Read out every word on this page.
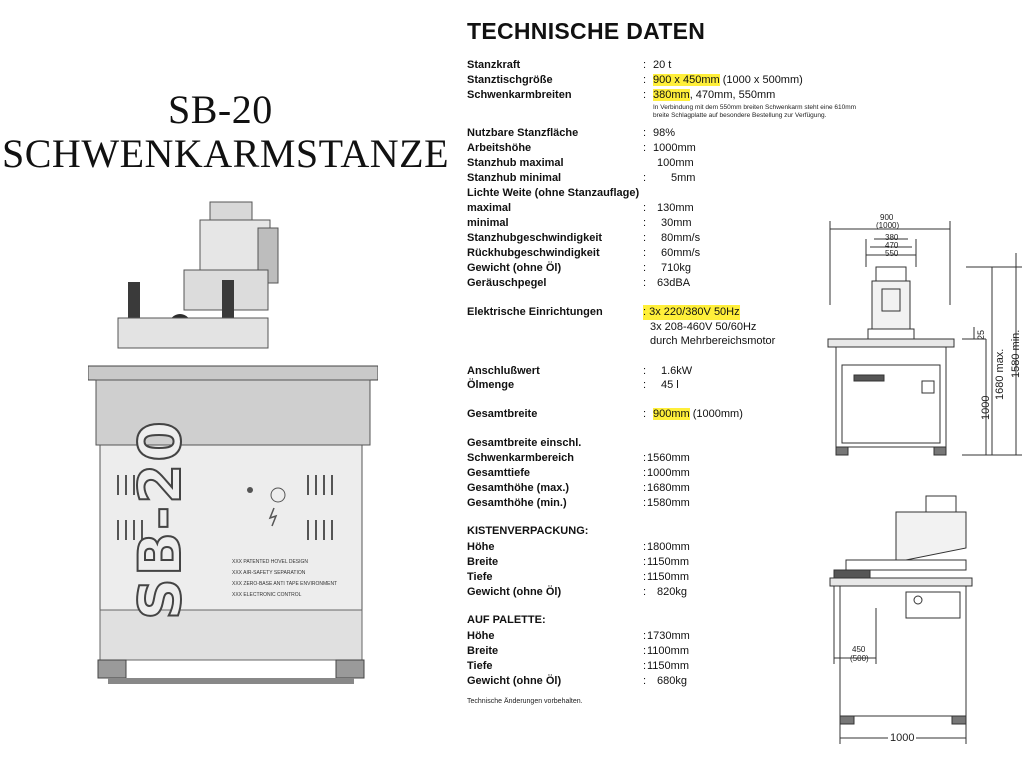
SB-20
SCHWENKARMSTANZE
SB-20	XXX PATENTED HOVEL DESIGN
XXX AIR-SAFETY SEPARATION
XXX ZERO-BASE ANTI TAPE ENVIRONMENT
XXX ELECTRONIC CONTROL
TECHNISCHE DATEN
Stanzkraft	: 20 t
Stanztischgröße	: 900 x 450mm (1000 x 500mm)
Schwenkarmbreiten	: 380mm, 470mm, 550mm
In Verbindung mit dem 550mm breiten Schwenkarm steht eine 610mm
breite Schlagplatte auf besondere Bestellung zur Verfügung.
Nutzbare Stanzfläche	: 98%
Arbeitshöhe	: 1000mm
Stanzhub maximal	100mm
Stanzhub minimal	: 5mm
Lichte Weite (ohne Stanzauflage)
maximal	: 130mm
minimal	: 30mm
Stanzhubgeschwindigkeit	: 80mm/s
Rückhubgeschwindigkeit	: 60mm/s
Gewicht (ohne Öl)	: 710kg
Geräuschpegel	: 63dBA
Elektrische Einrichtungen	: 3x 220/380V 50Hz
3x 208-460V 50/60Hz
durch Mehrbereichsmotor
Anschlußwert	: 1.6kW
Ölmenge	: 45 l
Gesamtbreite	: 900mm (1000mm)
Gesamtbreite einschl.
Schwenkarmbereich	: 1560mm
Gesamttiefe	: 1000mm
Gesamthöhe (max.)	: 1680mm
Gesamthöhe (min.)	: 1580mm
KISTENVERPACKUNG:
Höhe	: 1800mm
Breite	: 1150mm
Tiefe	: 1150mm
Gewicht (ohne Öl)	: 820kg
AUF PALETTE:
Höhe	: 1730mm
Breite	: 1100mm
Tiefe	: 1150mm
Gewicht (ohne Öl)	: 680kg
Technische Änderungen vorbehalten.
900
(1000)
380
470
550
25
1680 max. 1580 min.
1000
450
(500)
1000
